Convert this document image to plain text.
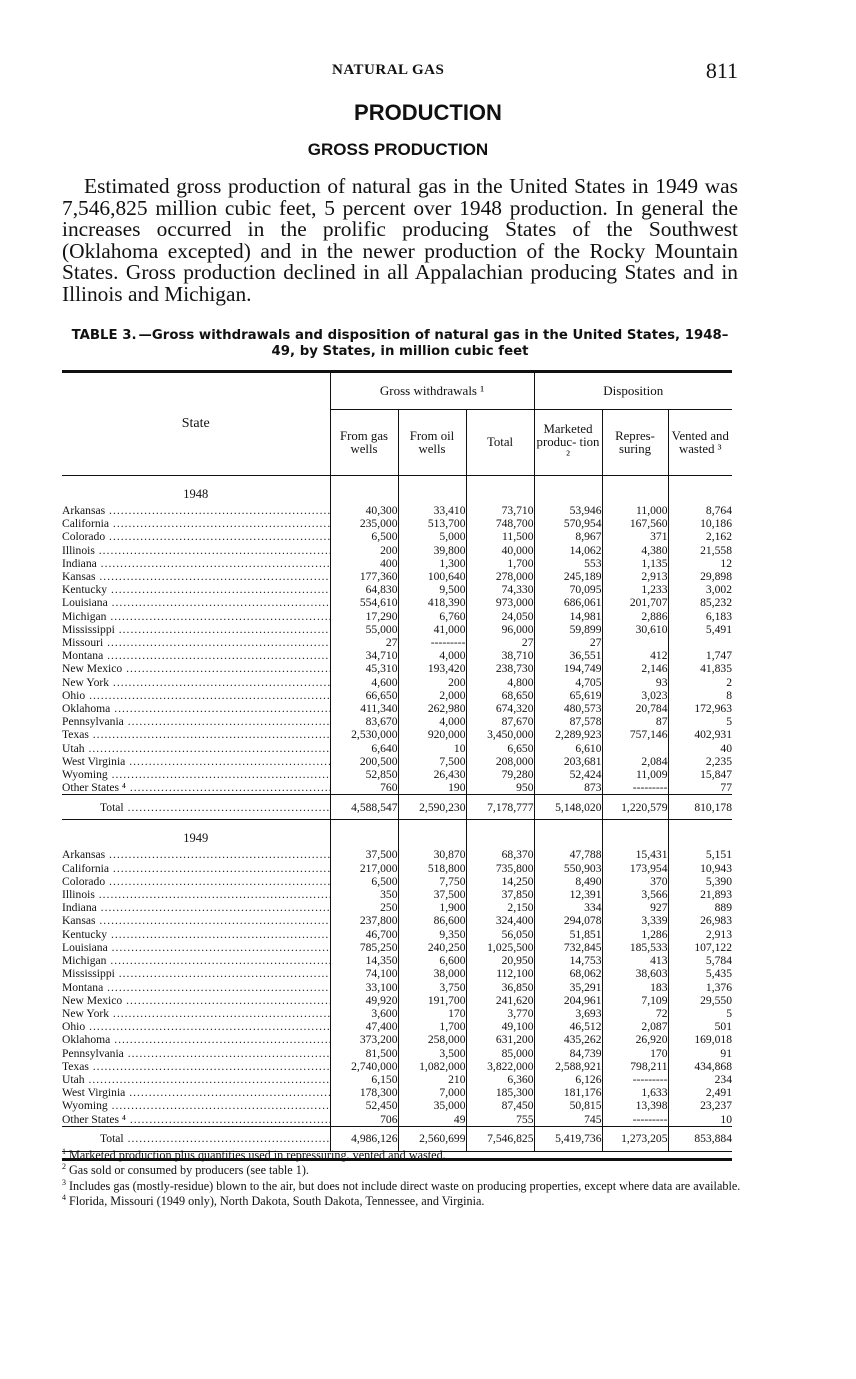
NATURAL GAS	811
PRODUCTION
GROSS PRODUCTION

Estimated gross production of natural gas in the United States in 1949 was 7,546,825 million cubic feet, 5 percent over 1948 production. In general the increases occurred in the prolific producing States of the Southwest (Oklahoma excepted) and in the newer production of the Rocky Mountain States. Gross production declined in all Appalachian producing States and in Illinois and Michigan.

TABLE 3. —Gross withdrawals and disposition of natural gas in the United States, 1948–49, by States, in million cubic feet
State	Gross withdrawals ¹			Disposition		
	From gas wells	From oil wells	Total	Marketed produc- tion ²	Repres- suring	Vented and wasted ³
1948						
Arkansas .....	40,300	33,410	73,710	53,946	11,000	8,764
California .....	235,000	513,700	748,700	570,954	167,560	10,186
Colorado .....	6,500	5,000	11,500	8,967	371	2,162
Illinois .....	200	39,800	40,000	14,062	4,380	21,558
Indiana .....	400	1,300	1,700	553	1,135	12
Kansas .....	177,360	100,640	278,000	245,189	2,913	29,898
Kentucky .....	64,830	9,500	74,330	70,095	1,233	3,002
Louisiana .....	554,610	418,390	973,000	686,061	201,707	85,232
Michigan .....	17,290	6,760	24,050	14,981	2,886	6,183
Mississippi .....	55,000	41,000	96,000	59,899	30,610	5,491
Missouri .....	27	---------	27	27		
Montana .....	34,710	4,000	38,710	36,551	412	1,747
New Mexico .....	45,310	193,420	238,730	194,749	2,146	41,835
New York .....	4,600	200	4,800	4,705	93	2
Ohio .....	66,650	2,000	68,650	65,619	3,023	8
Oklahoma .....	411,340	262,980	674,320	480,573	20,784	172,963
Pennsylvania .....	83,670	4,000	87,670	87,578	87	5
Texas .....	2,530,000	920,000	3,450,000	2,289,923	757,146	402,931
Utah .....	6,640	10	6,650	6,610		40
West Virginia .....	200,500	7,500	208,000	203,681	2,084	2,235
Wyoming .....	52,850	26,430	79,280	52,424	11,009	15,847
Other States ⁴ .....	760	190	950	873	---------	77
Total .....	4,588,547	2,590,230	7,178,777	5,148,020	1,220,579	810,178
1949						
Arkansas .....	37,500	30,870	68,370	47,788	15,431	5,151
California .....	217,000	518,800	735,800	550,903	173,954	10,943
Colorado .....	6,500	7,750	14,250	8,490	370	5,390
Illinois .....	350	37,500	37,850	12,391	3,566	21,893
Indiana .....	250	1,900	2,150	334	927	889
Kansas .....	237,800	86,600	324,400	294,078	3,339	26,983
Kentucky .....	46,700	9,350	56,050	51,851	1,286	2,913
Louisiana .....	785,250	240,250	1,025,500	732,845	185,533	107,122
Michigan .....	14,350	6,600	20,950	14,753	413	5,784
Mississippi .....	74,100	38,000	112,100	68,062	38,603	5,435
Montana .....	33,100	3,750	36,850	35,291	183	1,376
New Mexico .....	49,920	191,700	241,620	204,961	7,109	29,550
New York .....	3,600	170	3,770	3,693	72	5
Ohio .....	47,400	1,700	49,100	46,512	2,087	501
Oklahoma .....	373,200	258,000	631,200	435,262	26,920	169,018
Pennsylvania .....	81,500	3,500	85,000	84,739	170	91
Texas .....	2,740,000	1,082,000	3,822,000	2,588,921	798,211	434,868
Utah .....	6,150	210	6,360	6,126	---------	234
West Virginia .....	178,300	7,000	185,300	181,176	1,633	2,491
Wyoming .....	52,450	35,000	87,450	50,815	13,398	23,237
Other States ⁴ .....	706	49	755	745	---------	10
Total .....	4,986,126	2,560,699	7,546,825	5,419,736	1,273,205	853,884

$^1$ Marketed production plus quantities used in repressuring, vented and wasted.

$^2$ Gas sold or consumed by producers (see table 1).

$^3$ Includes gas (mostly-residue) blown to the air, but does not include direct waste on producing properties, except where data are available.

$^4$ Florida, Missouri (1949 only), North Dakota, South Dakota, Tennessee, and Virginia.
